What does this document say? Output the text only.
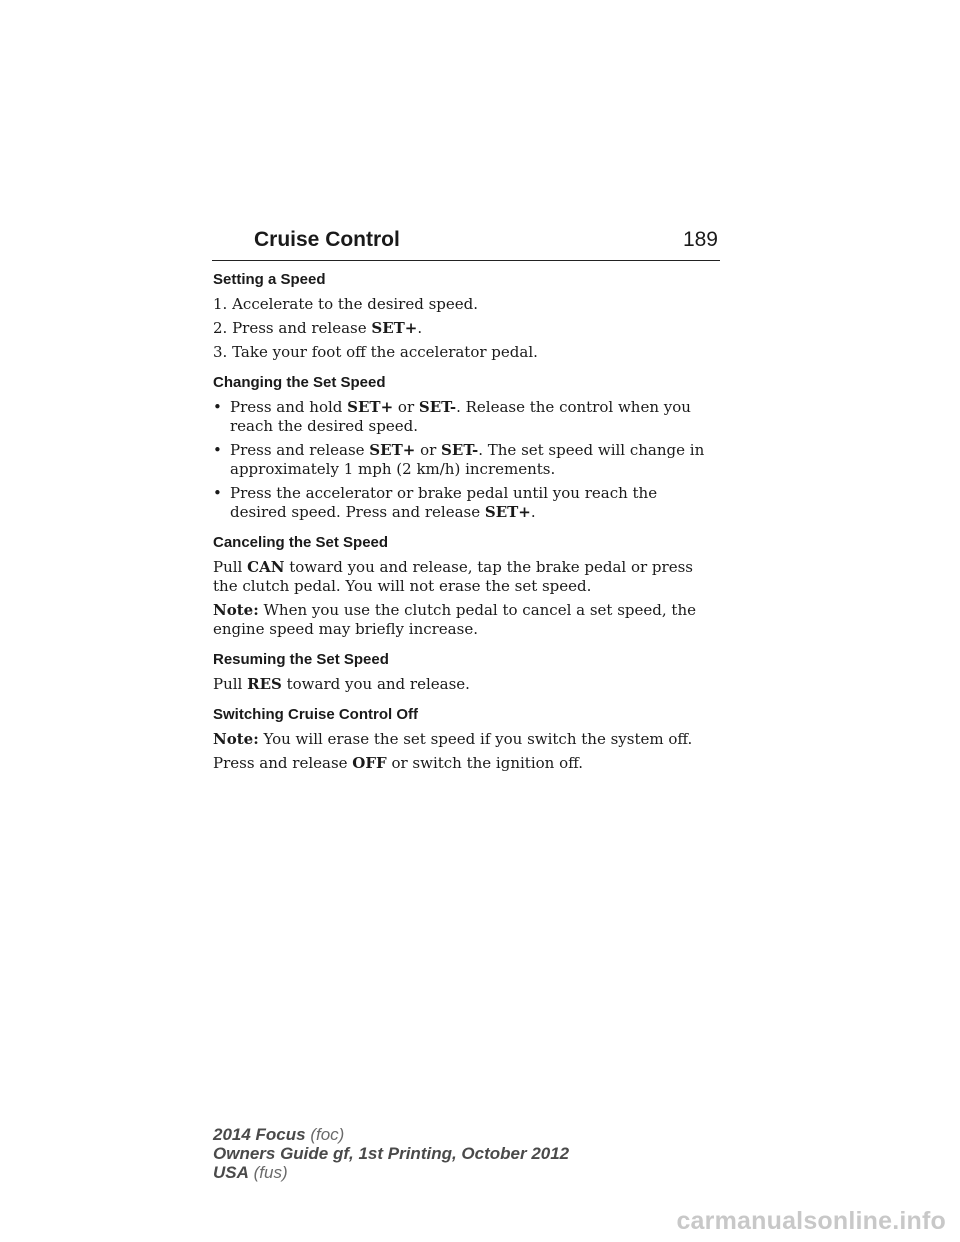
Cruise Control	189
Setting a Speed
1. Accelerate to the desired speed.
2. Press and release SET+.
3. Take your foot off the accelerator pedal.
Changing the Set Speed
• Press and hold SET+ or SET-. Release the control when you reach the desired speed.
• Press and release SET+ or SET-. The set speed will change in approximately 1 mph (2 km/h) increments.
• Press the accelerator or brake pedal until you reach the desired speed. Press and release SET+.
Canceling the Set Speed
Pull CAN toward you and release, tap the brake pedal or press the clutch pedal. You will not erase the set speed.
Note: When you use the clutch pedal to cancel a set speed, the engine speed may briefly increase.
Resuming the Set Speed
Pull RES toward you and release.
Switching Cruise Control Off
Note: You will erase the set speed if you switch the system off.
Press and release OFF or switch the ignition off.
2014 Focus (foc)
Owners Guide gf, 1st Printing, October 2012
USA (fus)
carmanualsonline.info
